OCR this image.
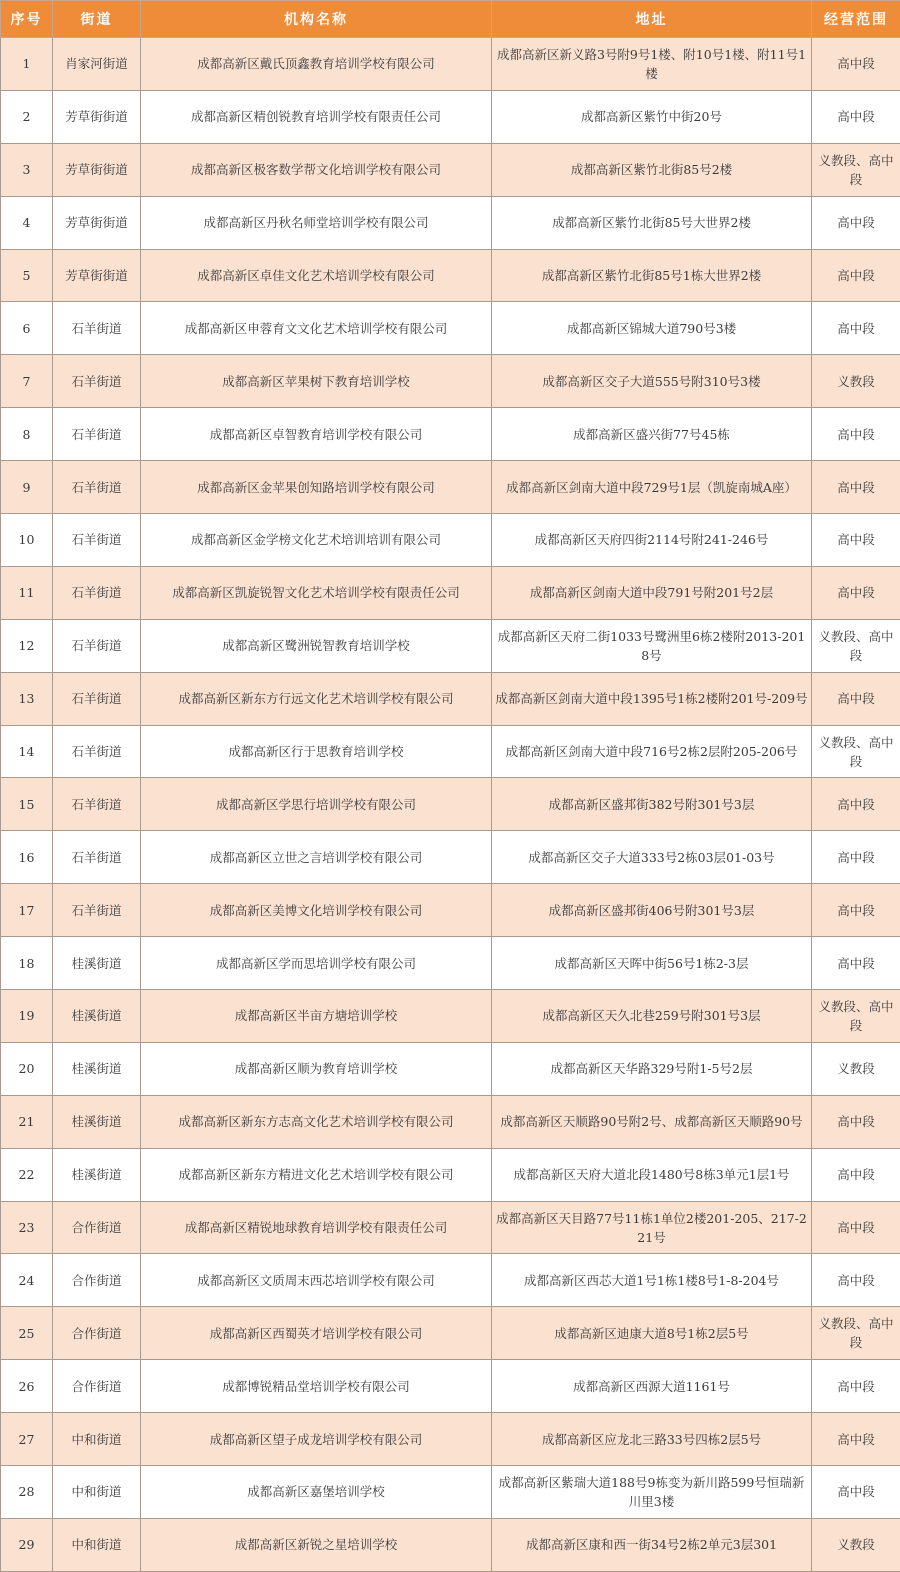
序号	街道	机构名称	地址	经营范围
1	肖家河街道	成都高新区戴氏顶鑫教育培训学校有限公司	成都高新区新义路3号附9号1楼、附10号1楼、附11号1楼	高中段
2	芳草街街道	成都高新区精创锐教育培训学校有限责任公司	成都高新区紫竹中街20号	高中段
3	芳草街街道	成都高新区极客数学帮文化培训学校有限公司	成都高新区紫竹北街85号2楼	义教段、高中段
4	芳草街街道	成都高新区丹秋名师堂培训学校有限公司	成都高新区紫竹北街85号大世界2楼	高中段
5	芳草街街道	成都高新区卓佳文化艺术培训学校有限公司	成都高新区紫竹北街85号1栋大世界2楼	高中段
6	石羊街道	成都高新区申蓉育文文化艺术培训学校有限公司	成都高新区锦城大道790号3楼	高中段
7	石羊街道	成都高新区苹果树下教育培训学校	成都高新区交子大道555号附310号3楼	义教段
8	石羊街道	成都高新区卓智教育培训学校有限公司	成都高新区盛兴街77号45栋	高中段
9	石羊街道	成都高新区金苹果创知路培训学校有限公司	成都高新区剑南大道中段729号1层（凯旋南城A座）	高中段
10	石羊街道	成都高新区金学榜文化艺术培训培训有限公司	成都高新区天府四街2114号附241-246号	高中段
11	石羊街道	成都高新区凯旋锐智文化艺术培训学校有限责任公司	成都高新区剑南大道中段791号附201号2层	高中段
12	石羊街道	成都高新区鹭洲锐智教育培训学校	成都高新区天府二街1033号鹭洲里6栋2楼附2013-2018号	义教段、高中段
13	石羊街道	成都高新区新东方行远文化艺术培训学校有限公司	成都高新区剑南大道中段1395号1栋2楼附201号-209号	高中段
14	石羊街道	成都高新区行于思教育培训学校	成都高新区剑南大道中段716号2栋2层附205-206号	义教段、高中段
15	石羊街道	成都高新区学思行培训学校有限公司	成都高新区盛邦街382号附301号3层	高中段
16	石羊街道	成都高新区立世之言培训学校有限公司	成都高新区交子大道333号2栋03层01-03号	高中段
17	石羊街道	成都高新区美博文化培训学校有限公司	成都高新区盛邦街406号附301号3层	高中段
18	桂溪街道	成都高新区学而思培训学校有限公司	成都高新区天晖中街56号1栋2-3层	高中段
19	桂溪街道	成都高新区半亩方塘培训学校	成都高新区天久北巷259号附301号3层	义教段、高中段
20	桂溪街道	成都高新区顺为教育培训学校	成都高新区天华路329号附1-5号2层	义教段
21	桂溪街道	成都高新区新东方志高文化艺术培训学校有限公司	成都高新区天顺路90号附2号、成都高新区天顺路90号	高中段
22	桂溪街道	成都高新区新东方精进文化艺术培训学校有限公司	成都高新区天府大道北段1480号8栋3单元1层1号	高中段
23	合作街道	成都高新区精锐地球教育培训学校有限责任公司	成都高新区天目路77号11栋1单位2楼201-205、217-221号	高中段
24	合作街道	成都高新区文质周末西芯培训学校有限公司	成都高新区西芯大道1号1栋1楼8号1-8-204号	高中段
25	合作街道	成都高新区西蜀英才培训学校有限公司	成都高新区迪康大道8号1栋2层5号	义教段、高中段
26	合作街道	成都博锐精品堂培训学校有限公司	成都高新区西源大道1161号	高中段
27	中和街道	成都高新区望子成龙培训学校有限公司	成都高新区应龙北三路33号四栋2层5号	高中段
28	中和街道	成都高新区嘉堡培训学校	成都高新区紫瑞大道188号9栋变为新川路599号恒瑞新川里3楼	高中段
29	中和街道	成都高新区新锐之星培训学校	成都高新区康和西一街34号2栋2单元3层301	义教段
